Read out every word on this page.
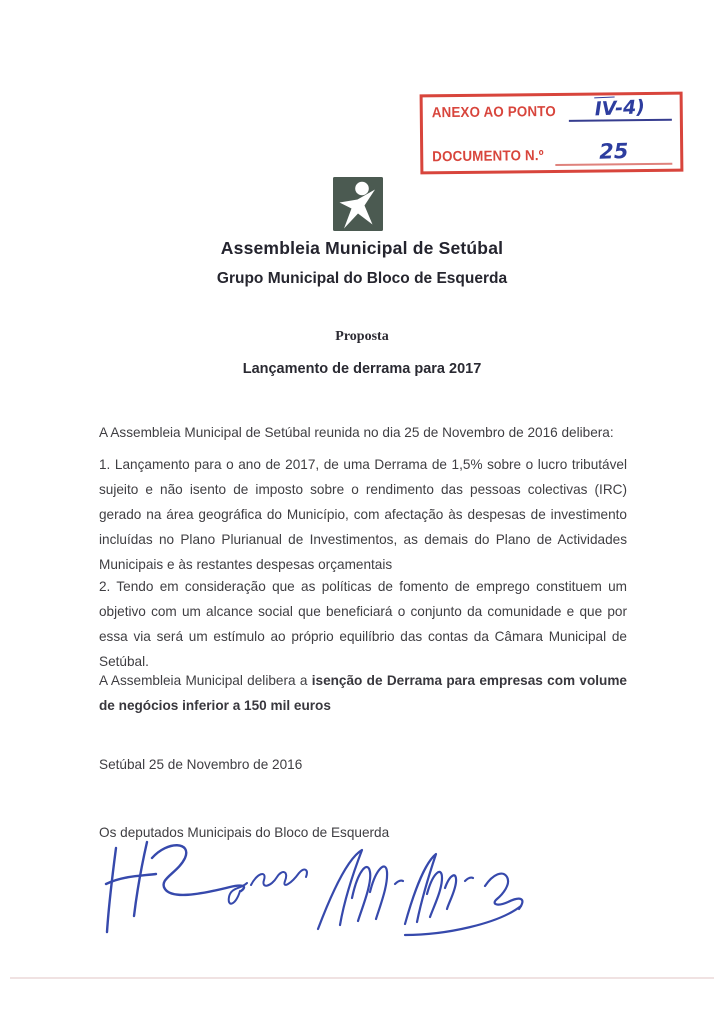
ANEXO AO PONTO	$\overline{IV}-4$)
DOCUMENTO N.º	25
Assembleia Municipal de Setúbal
Grupo Municipal do Bloco de Esquerda
Proposta
Lançamento de derrama para 2017
A Assembleia Municipal de Setúbal reunida no dia 25 de Novembro de 2016 delibera:
1. Lançamento para o ano de 2017, de uma Derrama de 1,5% sobre o lucro tributável sujeito e não isento de imposto sobre o rendimento das pessoas colectivas (IRC) gerado na área geográfica do Município, com afectação às despesas de investimento incluídas no Plano Plurianual de Investimentos, as demais do Plano de Actividades Municipais e às restantes despesas orçamentais
2. Tendo em consideração que as políticas de fomento de emprego constituem um objetivo com um alcance social que beneficiará o conjunto da comunidade e que por essa via será um estímulo ao próprio equilíbrio das contas da Câmara Municipal de Setúbal.
A Assembleia Municipal delibera a isenção de Derrama para empresas com volume de negócios inferior a 150 mil euros
Setúbal 25 de Novembro de 2016
Os deputados Municipais do Bloco de Esquerda
